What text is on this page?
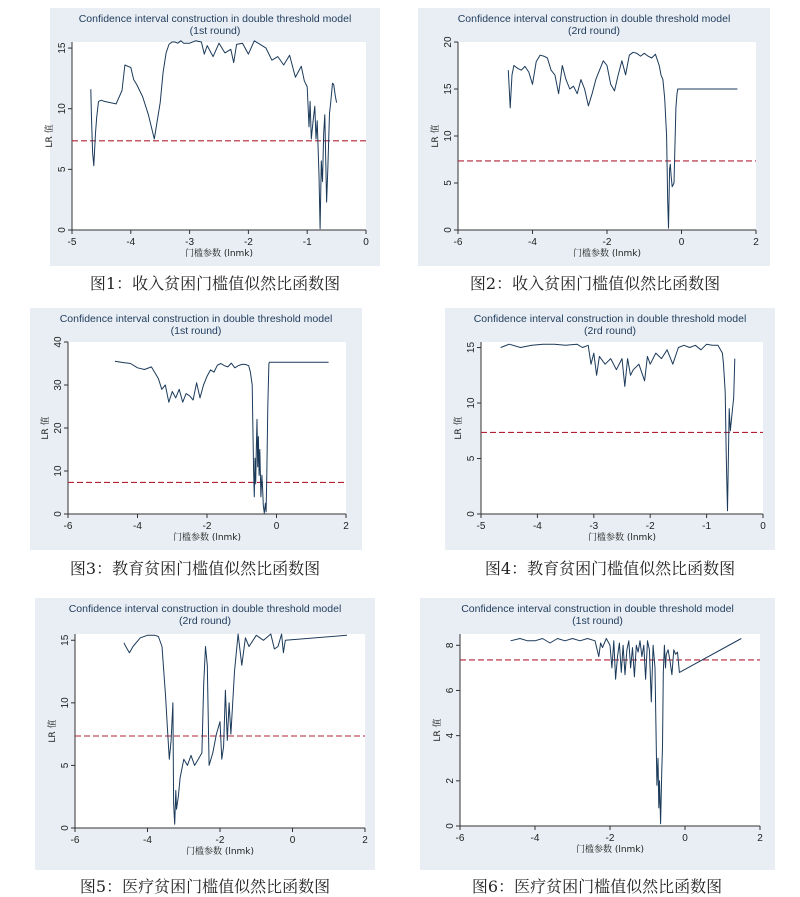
Confidence interval construction in double threshold model
(1st round)
0
5
10
15
-5	-4	-3	-2	-1	0
门槛参数 (lnmk)
LR 值
图1：收入贫困门槛值似然比函数图
Confidence interval construction in double threshold model
(2rd round)
0
5
10
15
20
-6	-4	-2	0	2
门槛参数 (lnmk)
LR 值
图2：收入贫困门槛值似然比函数图
Confidence interval construction in double threshold model
(1st round)
0
10
20
30
40
-6	-4	-2	0	2
门槛参数 (lnmk)
LR 值
图3：教育贫困门槛值似然比函数图
Confidence interval construction in double threshold model
(2rd round)
0
5
10
15
-5	-4	-3	-2	-1	0
门槛参数 (lnmk)
LR 值
图4：教育贫困门槛值似然比函数图
Confidence interval construction in double threshold model
(2rd round)
0
5
10
15
-6	-4	-2	0	2
门槛参数 (lnmk)
LR 值
图5：医疗贫困门槛值似然比函数图
Confidence interval construction in double threshold model
(1st round)
0
2
4
6
8
-6	-4	-2	0	2
门槛参数 (lnmk)
LR 值
图6：医疗贫困门槛值似然比函数图
